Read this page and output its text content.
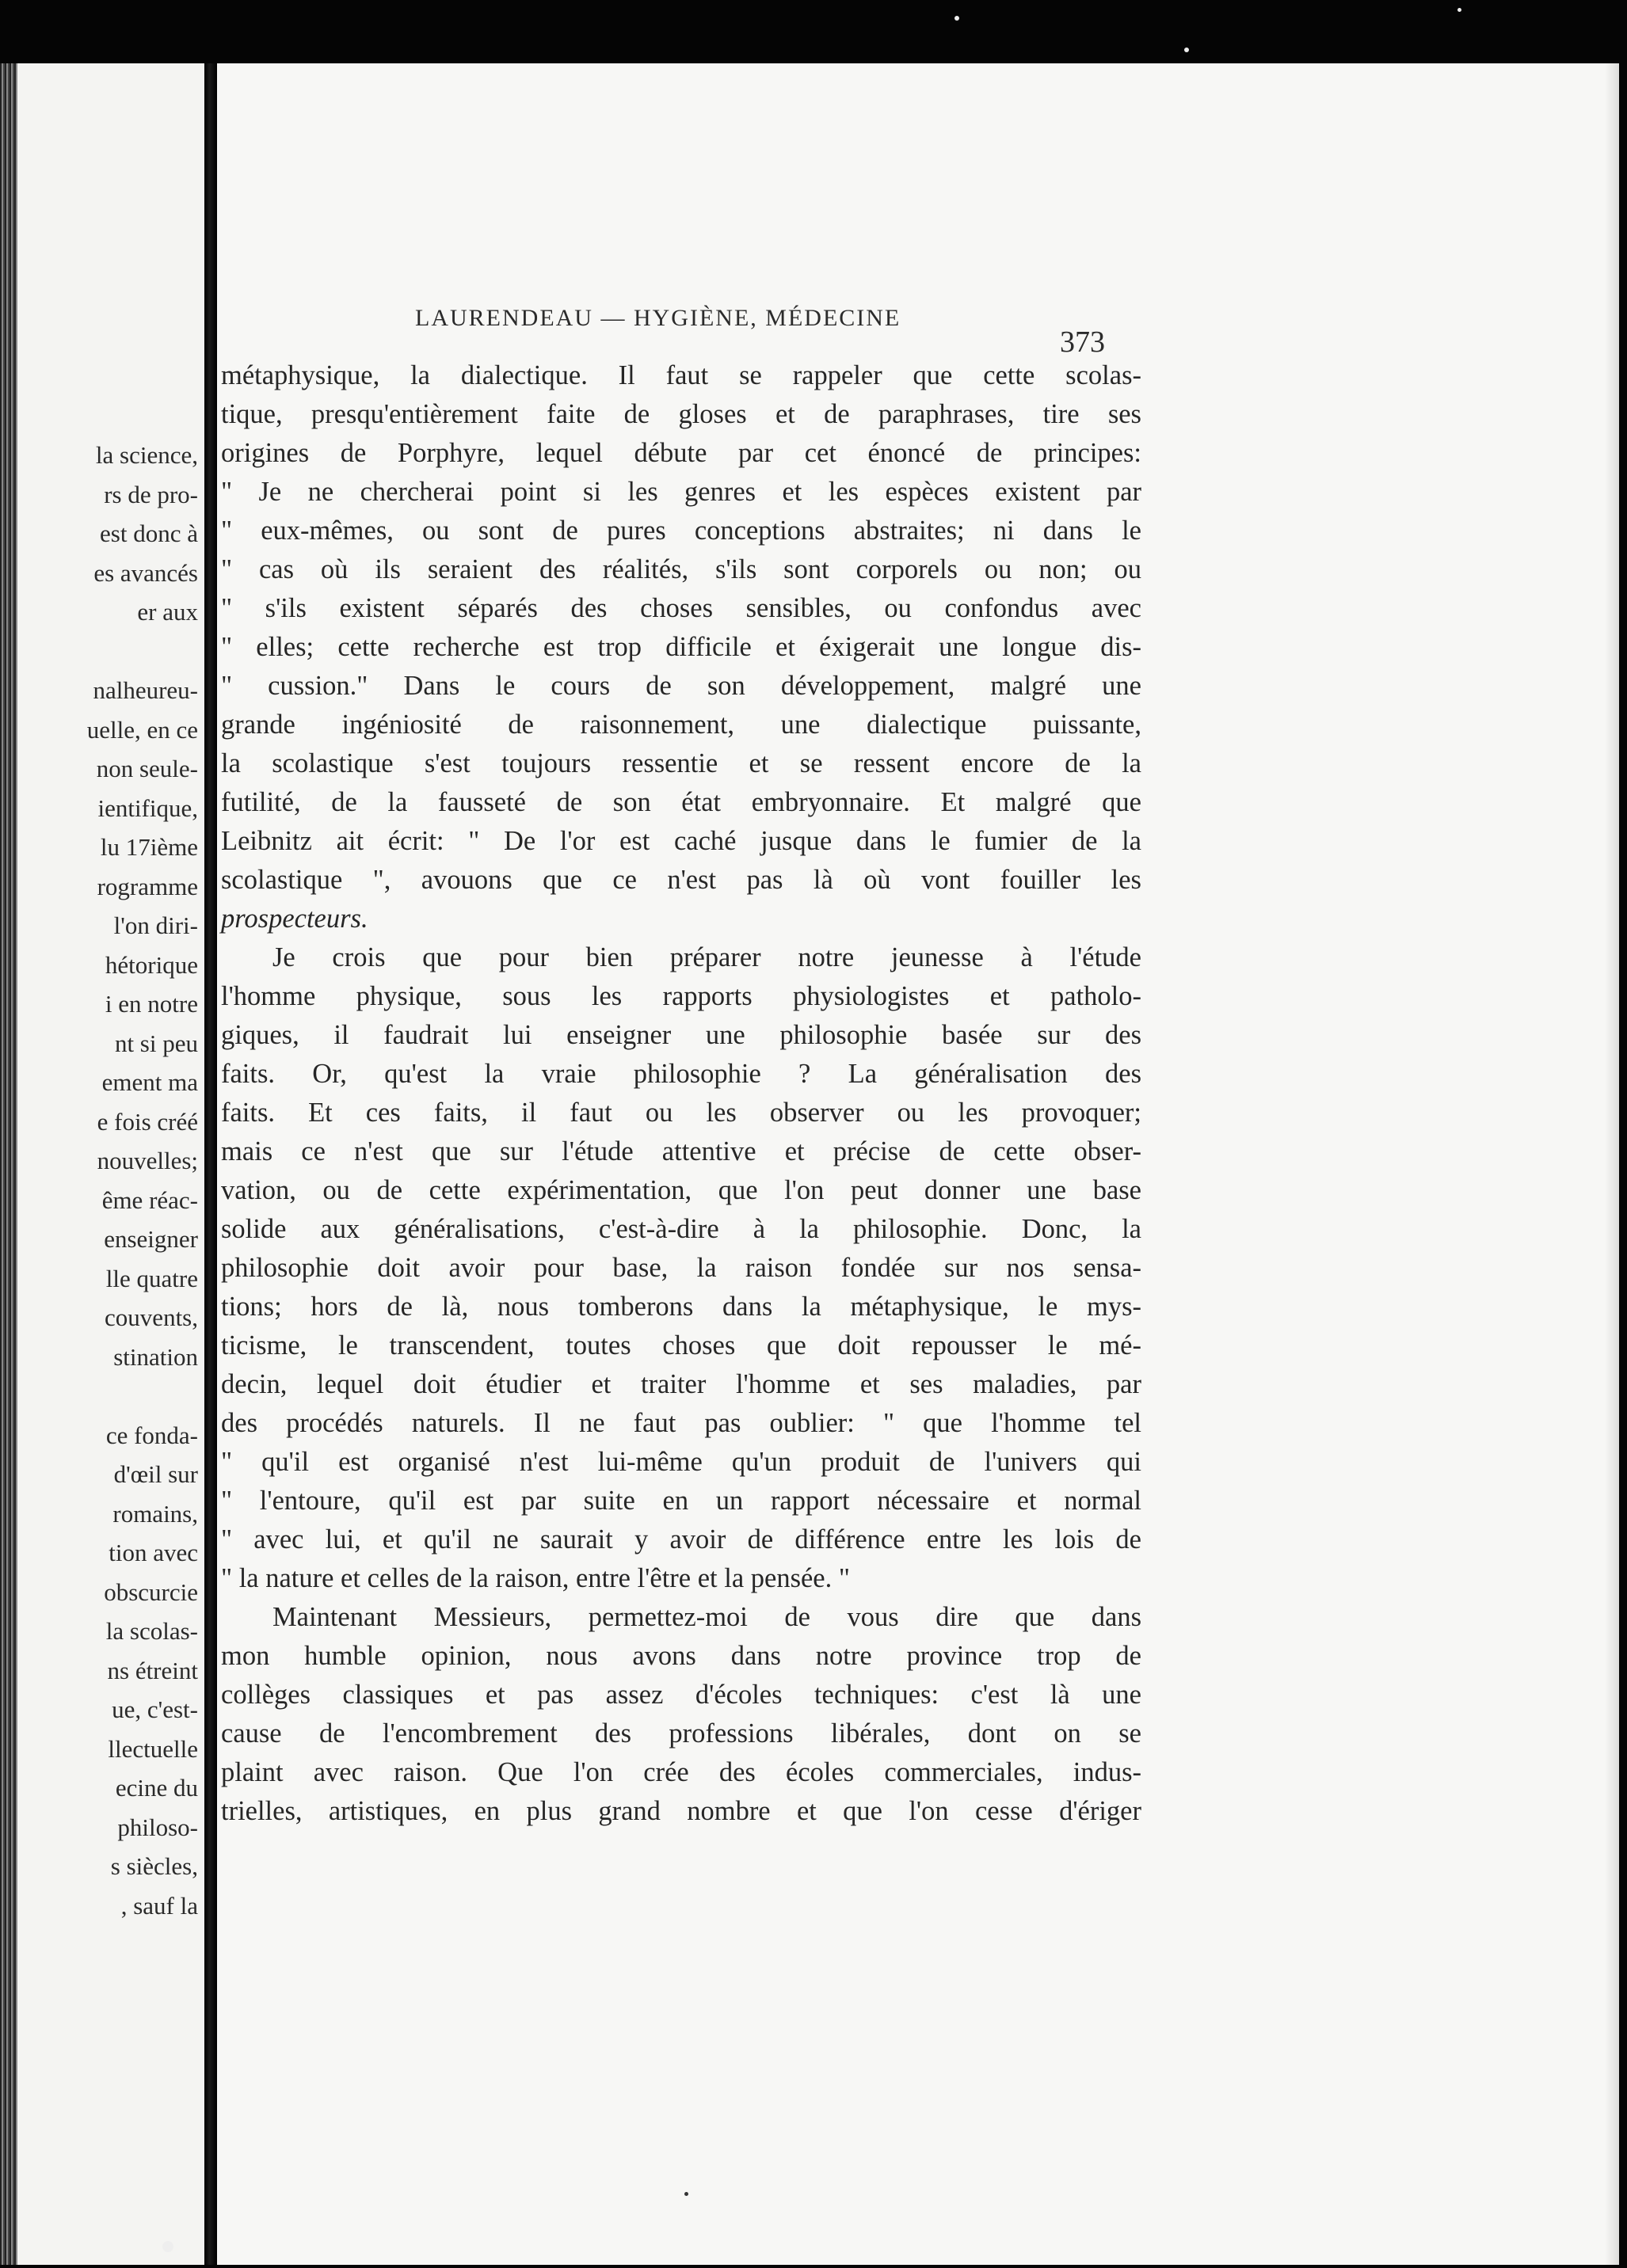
la science,
rs de pro-
est donc à
es avancés
er aux
nalheureu-
uelle, en ce
non seule-
ientifique,
lu 17ième
rogramme
l'on diri-
hétorique
i en notre
nt si peu
ement ma
e fois créé
nouvelles;
ême réac-
enseigner
lle quatre
couvents,
stination
ce fonda-
d'œil sur
romains,
tion avec
obscurcie
la scolas-
ns étreint
ue, c'est-
llectuelle
ecine du
philoso-
s siècles,
, sauf la
LAURENDEAU — HYGIÈNE, MÉDECINE
373
métaphysique, la dialectique. Il faut se rappeler que cette scolas-
tique, presqu'entièrement faite de gloses et de paraphrases, tire ses
origines de Porphyre, lequel débute par cet énoncé de principes:
" Je ne chercherai point si les genres et les espèces existent par
" eux-mêmes, ou sont de pures conceptions abstraites; ni dans le
" cas où ils seraient des réalités, s'ils sont corporels ou non; ou
" s'ils existent séparés des choses sensibles, ou confondus avec
" elles; cette recherche est trop difficile et éxigerait une longue dis-
" cussion." Dans le cours de son développement, malgré une
grande ingéniosité de raisonnement, une dialectique puissante,
la scolastique s'est toujours ressentie et se ressent encore de la
futilité, de la fausseté de son état embryonnaire. Et malgré que
Leibnitz ait écrit: " De l'or est caché jusque dans le fumier de la
scolastique ", avouons que ce n'est pas là où vont fouiller les
prospecteurs.
Je crois que pour bien préparer notre jeunesse à l'étude
l'homme physique, sous les rapports physiologistes et patholo-
giques, il faudrait lui enseigner une philosophie basée sur des
faits. Or, qu'est la vraie philosophie ? La généralisation des
faits. Et ces faits, il faut ou les observer ou les provoquer;
mais ce n'est que sur l'étude attentive et précise de cette obser-
vation, ou de cette expérimentation, que l'on peut donner une base
solide aux généralisations, c'est-à-dire à la philosophie. Donc, la
philosophie doit avoir pour base, la raison fondée sur nos sensa-
tions; hors de là, nous tomberons dans la métaphysique, le mys-
ticisme, le transcendent, toutes choses que doit repousser le mé-
decin, lequel doit étudier et traiter l'homme et ses maladies, par
des procédés naturels. Il ne faut pas oublier: " que l'homme tel
" qu'il est organisé n'est lui-même qu'un produit de l'univers qui
" l'entoure, qu'il est par suite en un rapport nécessaire et normal
" avec lui, et qu'il ne saurait y avoir de différence entre les lois de
" la nature et celles de la raison, entre l'être et la pensée. "
Maintenant Messieurs, permettez-moi de vous dire que dans
mon humble opinion, nous avons dans notre province trop de
collèges classiques et pas assez d'écoles techniques: c'est là une
cause de l'encombrement des professions libérales, dont on se
plaint avec raison. Que l'on crée des écoles commerciales, indus-
trielles, artistiques, en plus grand nombre et que l'on cesse d'ériger
